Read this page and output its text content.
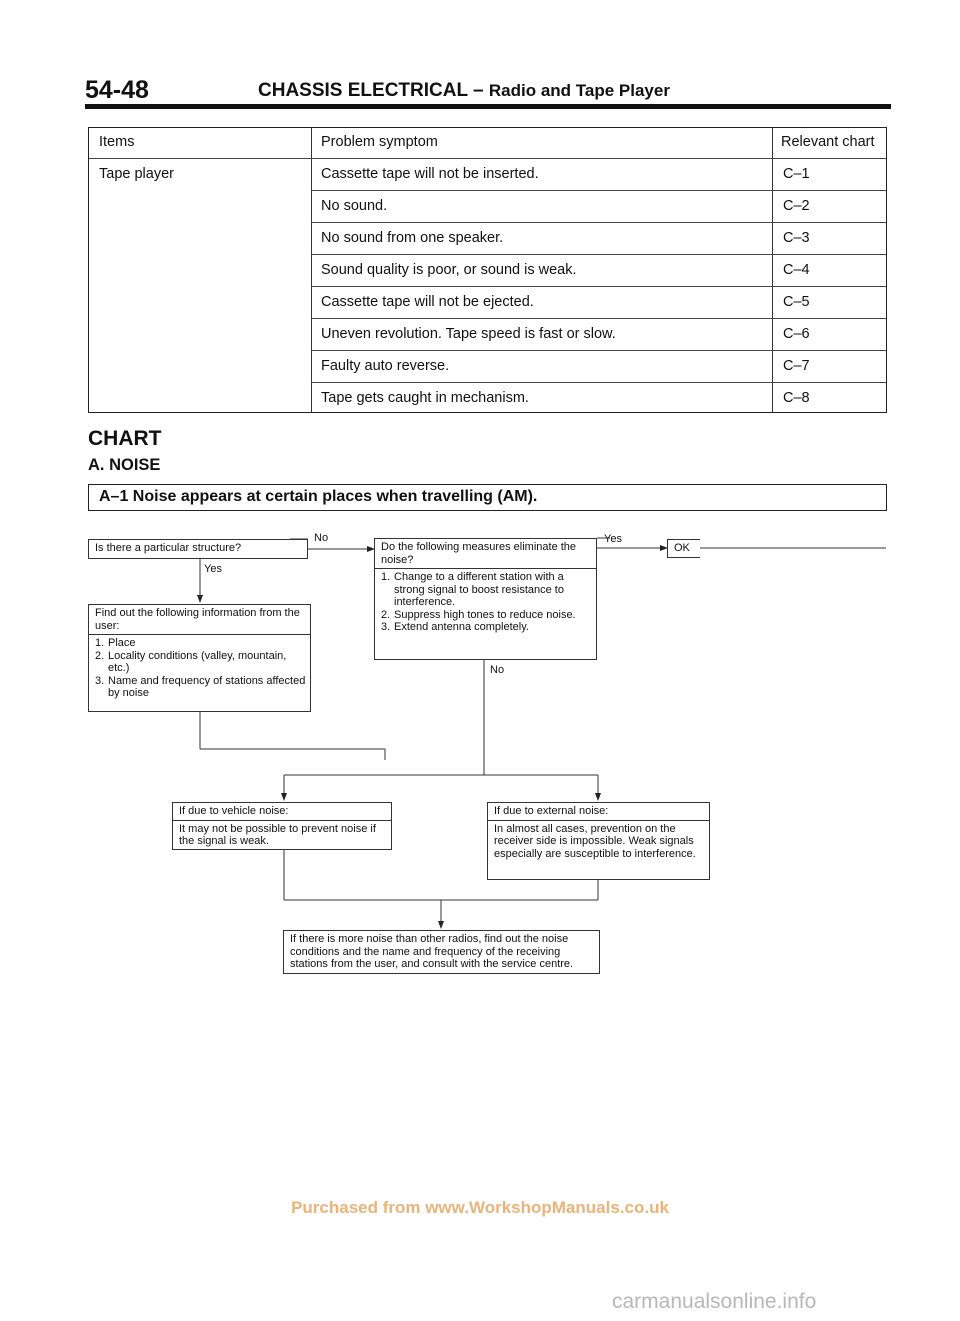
54-48	CHASSIS ELECTRICAL – Radio and Tape Player
Items	Problem symptom	Relevant chart
Tape player	Cassette tape will not be inserted.	C–1
No sound.	C–2
No sound from one speaker.	C–3
Sound quality is poor, or sound is weak.	C–4
Cassette tape will not be ejected.	C–5
Uneven revolution. Tape speed is fast or slow.	C–6
Faulty auto reverse.	C–7
Tape gets caught in mechanism.	C–8
CHART
A. NOISE
A–1 Noise appears at certain places when travelling (AM).
Is there a particular structure?
No
Yes
Do the following measures eliminate the noise?
1. Change to a different station with a strong signal to boost resistance to interference.
2. Suppress high tones to reduce noise.
3. Extend antenna completely.
Yes
OK
No
Find out the following information from the user:
1. Place
2. Locality conditions (valley, mountain, etc.)
3. Name and frequency of stations affected by noise
If due to vehicle noise:
It may not be possible to prevent noise if the signal is weak.
If due to external noise:
In almost all cases, prevention on the receiver side is impossible. Weak signals especially are susceptible to interference.
If there is more noise than other radios, find out the noise conditions and the name and frequency of the receiving stations from the user, and consult with the service centre.
Purchased from www.WorkshopManuals.co.uk
carmanualsonline.info
